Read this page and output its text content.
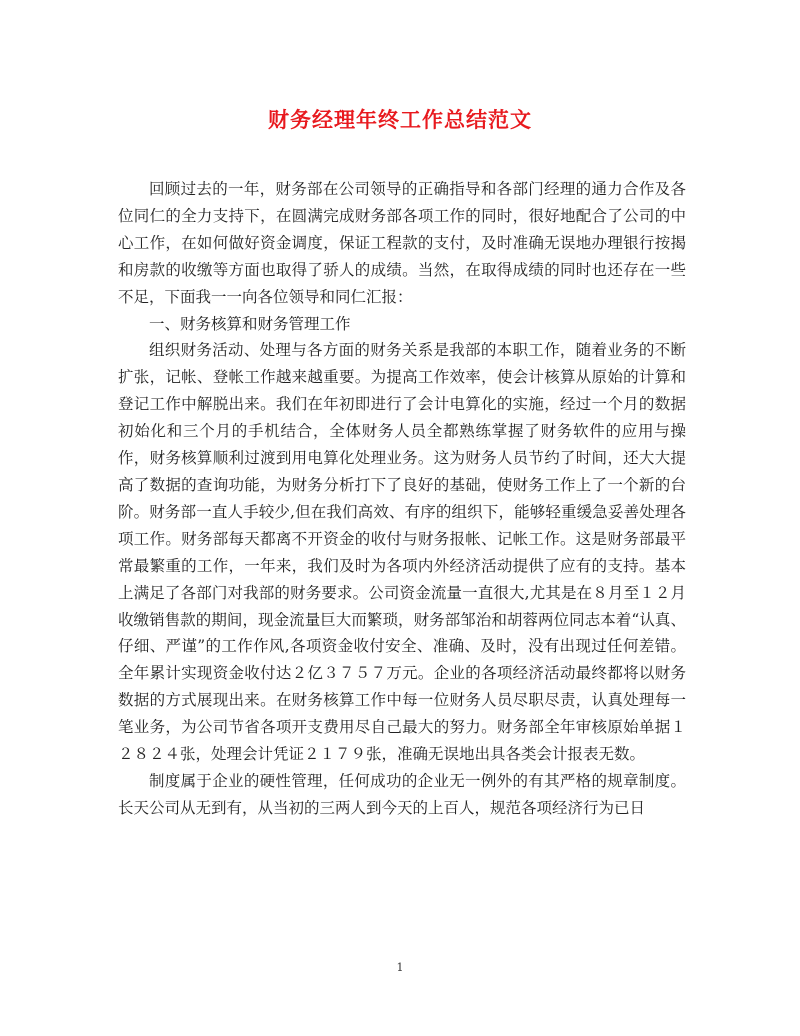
财务经理年终工作总结范文

回顾过去的一年，财务部在公司领导的正确指导和各部门经理的通力合作及各位同仁的全力支持下，在圆满完成财务部各项工作的同时，很好地配合了公司的中心工作，在如何做好资金调度，保证工程款的支付，及时准确无误地办理银行按揭和房款的收缴等方面也取得了骄人的成绩。当然，在取得成绩的同时也还存在一些不足，下面我一一向各位领导和同仁汇报：

一、财务核算和财务管理工作

组织财务活动、处理与各方面的财务关系是我部的本职工作，随着业务的不断扩张，记帐、登帐工作越来越重要。为提高工作效率，使会计核算从原始的计算和登记工作中解脱出来。我们在年初即进行了会计电算化的实施，经过一个月的数据初始化和三个月的手机结合，全体财务人员全都熟练掌握了财务软件的应用与操作，财务核算顺利过渡到用电算化处理业务。这为财务人员节约了时间，还大大提高了数据的查询功能，为财务分析打下了良好的基础，使财务工作上了一个新的台阶。财务部一直人手较少,但在我们高效、有序的组织下，能够轻重缓急妥善处理各项工作。财务部每天都离不开资金的收付与财务报帐、记帐工作。这是财务部最平常最繁重的工作，一年来，我们及时为各项内外经济活动提供了应有的支持。基本上满足了各部门对我部的财务要求。公司资金流量一直很大,尤其是在８月至１２月收缴销售款的期间，现金流量巨大而繁琐，财务部邹治和胡蓉两位同志本着“认真、仔细、严谨”的工作作风,各项资金收付安全、准确、及时，没有出现过任何差错。全年累计实现资金收付达２亿３７５７万元。企业的各项经济活动最终都将以财务数据的方式展现出来。在财务核算工作中每一位财务人员尽职尽责，认真处理每一笔业务，为公司节省各项开支费用尽自己最大的努力。财务部全年审核原始单据１２８２４张，处理会计凭证２１７９张，准确无误地出具各类会计报表无数。

制度属于企业的硬性管理，任何成功的企业无一例外的有其严格的规章制度。长天公司从无到有，从当初的三两人到今天的上百人，规范各项经济行为已日

1
